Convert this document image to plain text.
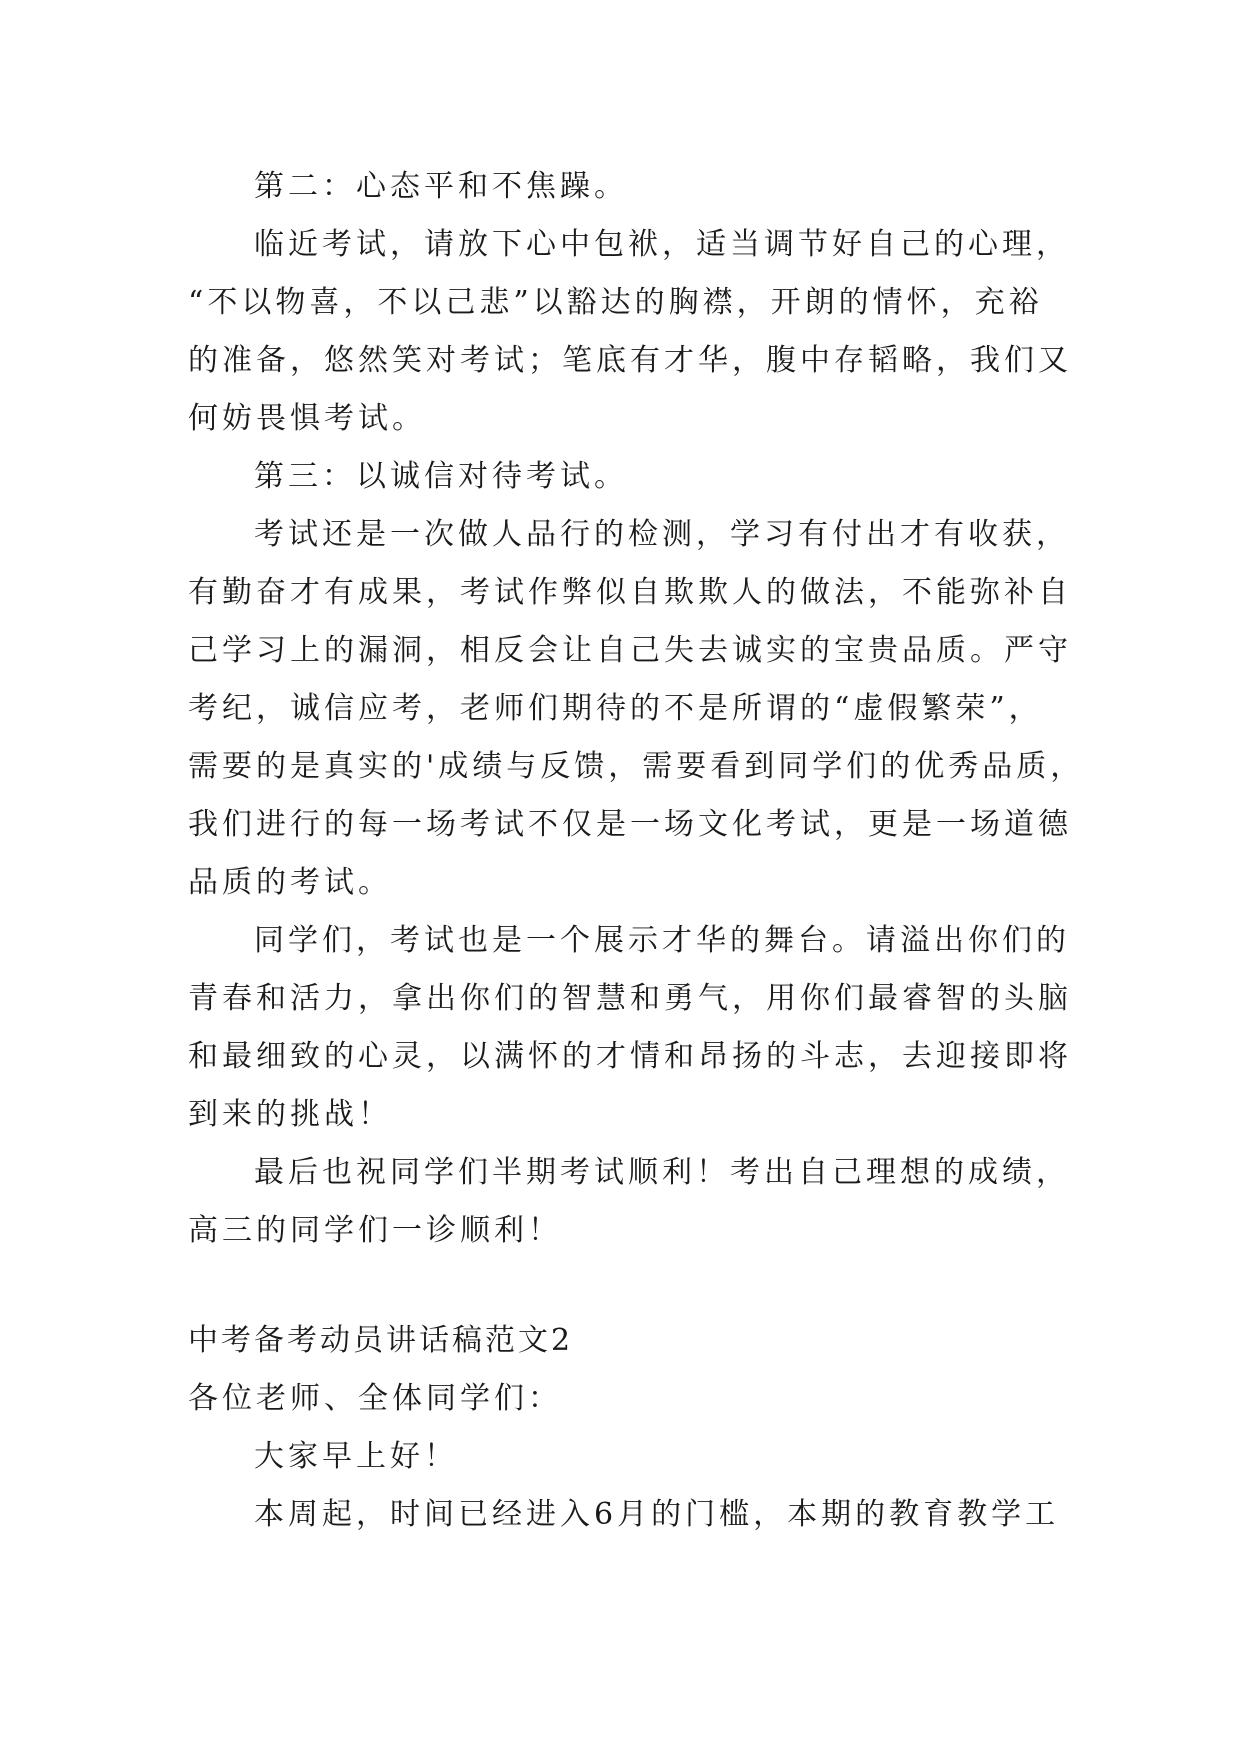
第二：心态平和不焦躁。
临近考试，请放下心中包袱，适当调节好自己的心理，
“不以物喜，不以己悲”以豁达的胸襟，开朗的情怀，充裕
的准备，悠然笑对考试；笔底有才华，腹中存韬略，我们又
何妨畏惧考试。
第三：以诚信对待考试。
考试还是一次做人品行的检测，学习有付出才有收获，
有勤奋才有成果，考试作弊似自欺欺人的做法，不能弥补自
己学习上的漏洞，相反会让自己失去诚实的宝贵品质。严守
考纪，诚信应考，老师们期待的不是所谓的“虚假繁荣”，
需要的是真实的'成绩与反馈，需要看到同学们的优秀品质，
我们进行的每一场考试不仅是一场文化考试，更是一场道德
品质的考试。
同学们，考试也是一个展示才华的舞台。请溢出你们的
青春和活力，拿出你们的智慧和勇气，用你们最睿智的头脑
和最细致的心灵，以满怀的才情和昂扬的斗志，去迎接即将
到来的挑战！
最后也祝同学们半期考试顺利！考出自己理想的成绩，
高三的同学们一诊顺利！
中考备考动员讲话稿范文2
各位老师、全体同学们：
大家早上好！
本周起，时间已经进入6月的门槛，本期的教育教学工
